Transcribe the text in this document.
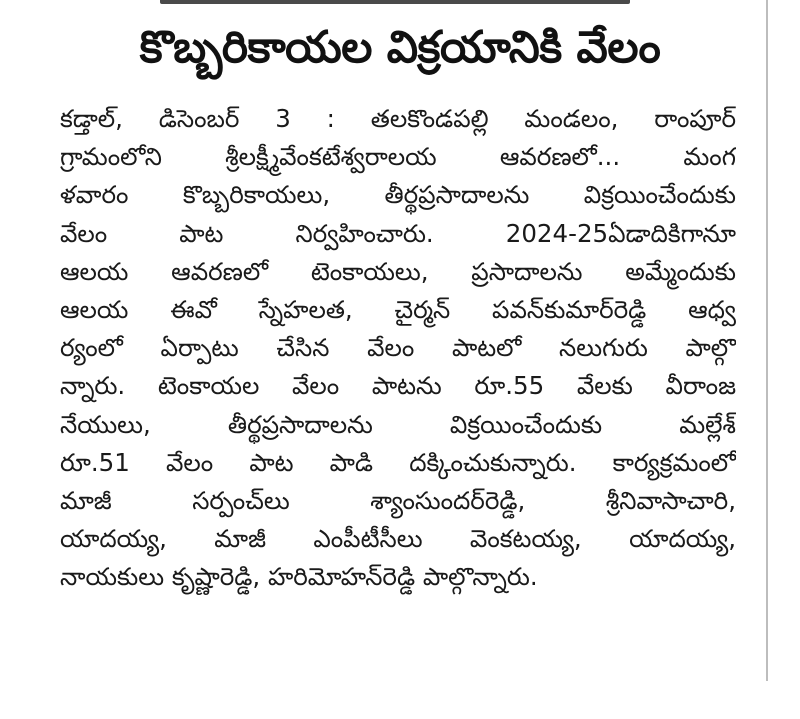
కొబ్బరికాయల విక్రయానికి వేలం
కడ్తాల్, డిసెంబర్ 3 : తలకొండపల్లి మండలం, రాంపూర్
గ్రామంలోని శ్రీలక్ష్మీవేంకటేశ్వరాలయ ఆవరణలో... మంగ
ళవారం కొబ్బరికాయలు, తీర్థప్రసాదాలను విక్రయించేందుకు
వేలం పాట నిర్వహించారు. 2024-25ఏడాదికిగానూ
ఆలయ ఆవరణలో టెంకాయలు, ప్రసాదాలను అమ్మేందుకు
ఆలయ ఈవో స్నేహలత, చైర్మన్ పవన్‌కుమార్‌రెడ్డి ఆధ్వ
ర్యంలో ఏర్పాటు చేసిన వేలం పాటలో నలుగురు పాల్గొ
న్నారు. టెంకాయల వేలం పాటను రూ.55 వేలకు వీరాంజ
నేయులు, తీర్థప్రసాదాలను విక్రయించేందుకు మల్లేశ్
రూ.51 వేలం పాట పాడి దక్కించుకున్నారు. కార్యక్రమంలో
మాజీ సర్పంచ్‌లు శ్యాంసుందర్‌రెడ్డి, శ్రీనివాసాచారి,
యాదయ్య, మాజీ ఎంపీటీసీలు వెంకటయ్య, యాదయ్య,
నాయకులు కృష్ణారెడ్డి, హరిమోహన్‌రెడ్డి పాల్గొన్నారు.
